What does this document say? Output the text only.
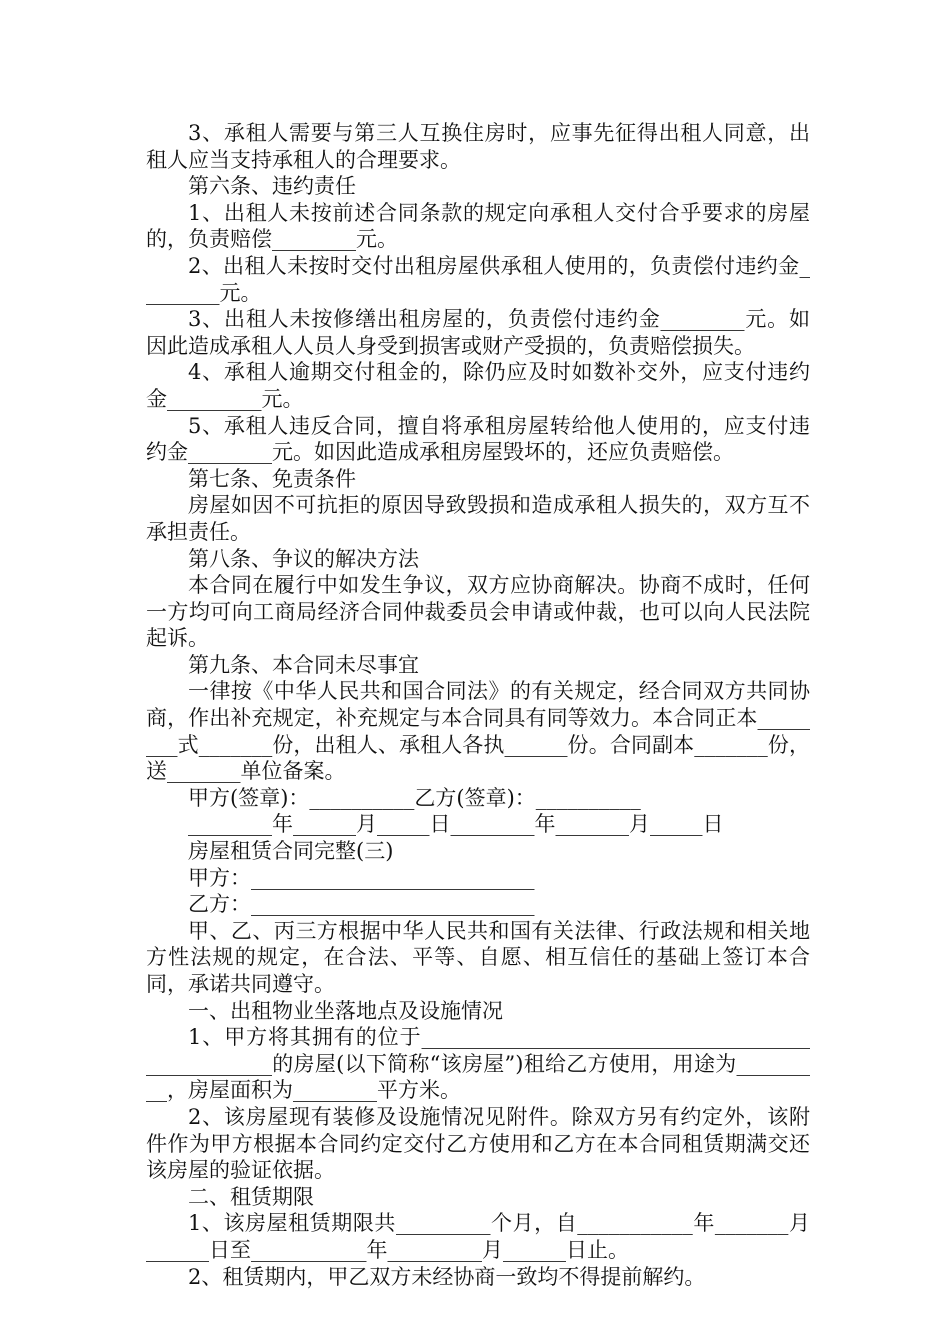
3、承租人需要与第三人互换住房时，应事先征得出租人同意，出租人应当支持承租人的合理要求。

第六条、违约责任

1、出租人未按前述合同条款的规定向承租人交付合乎要求的房屋的，负责赔偿________元。

2、出租人未按时交付出租房屋供承租人使用的，负责偿付违约金________元。

3、出租人未按修缮出租房屋的，负责偿付违约金________元。如因此造成承租人人员人身受到损害或财产受损的，负责赔偿损失。

4、承租人逾期交付租金的，除仍应及时如数补交外，应支付违约金_________元。

5、承租人违反合同，擅自将承租房屋转给他人使用的，应支付违约金________元。如因此造成承租房屋毁坏的，还应负责赔偿。

第七条、免责条件

房屋如因不可抗拒的原因导致毁损和造成承租人损失的，双方互不承担责任。

第八条、争议的解决方法

本合同在履行中如发生争议，双方应协商解决。协商不成时，任何一方均可向工商局经济合同仲裁委员会申请或仲裁，也可以向人民法院起诉。

第九条、本合同未尽事宜

一律按《中华人民共和国合同法》的有关规定，经合同双方共同协商，作出补充规定，补充规定与本合同具有同等效力。本合同正本________式_______份，出租人、承租人各执______份。合同副本_______份，送_______单位备案。

甲方(签章)：__________乙方(签章)：__________

________年______月_____日________年_______月_____日

房屋租赁合同完整(三)

甲方：___________________________

乙方：___________________________

甲、乙、丙三方根据中华人民共和国有关法律、行政法规和相关地方性法规的规定，在合法、平等、自愿、相互信任的基础上签订本合同，承诺共同遵守。

一、出租物业坐落地点及设施情况

1、甲方将其拥有的位于_________________________________________________的房屋(以下简称“该房屋”)租给乙方使用，用途为_________，房屋面积为________平方米。

2、该房屋现有装修及设施情况见附件。除双方另有约定外，该附件作为甲方根据本合同约定交付乙方使用和乙方在本合同租赁期满交还该房屋的验证依据。

二、租赁期限

1、该房屋租赁期限共_________个月，自___________年_______月______日至___________年_________月______日止。

2、租赁期内，甲乙双方未经协商一致均不得提前解约。
